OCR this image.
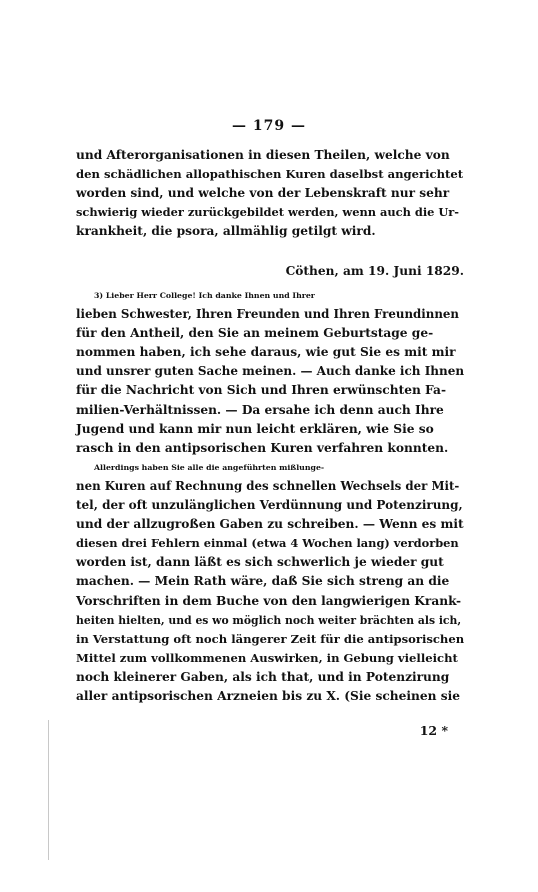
— 179 —
und Afterorganisationen in diesen Theilen, welche von
den schädlichen allopathischen Kuren daselbst angerichtet
worden sind, und welche von der Lebenskraft nur sehr
schwierig wieder zurückgebildet werden, wenn auch die Ur-
krankheit, die psora, allmählig getilgt wird.
Cöthen, am 19. Juni 1829.
3) Lieber Herr College! Ich danke Ihnen und Ihrer
lieben Schwester, Ihren Freunden und Ihren Freundinnen
für den Antheil, den Sie an meinem Geburtstage ge-
nommen haben, ich sehe daraus, wie gut Sie es mit mir
und unsrer guten Sache meinen. — Auch danke ich Ihnen
für die Nachricht von Sich und Ihren erwünschten Fa-
milien-Verhältnissen. — Da ersahe ich denn auch Ihre
Jugend und kann mir nun leicht erklären, wie Sie so
rasch in den antipsorischen Kuren verfahren konnten.
Allerdings haben Sie alle die angeführten mißlunge-
nen Kuren auf Rechnung des schnellen Wechsels der Mit-
tel, der oft unzulänglichen Verdünnung und Potenzirung,
und der allzugroßen Gaben zu schreiben. — Wenn es mit
diesen drei Fehlern einmal (etwa 4 Wochen lang) verdorben
worden ist, dann läßt es sich schwerlich je wieder gut
machen. — Mein Rath wäre, daß Sie sich streng an die
Vorschriften in dem Buche von den langwierigen Krank-
heiten hielten, und es wo möglich noch weiter brächten als ich,
in Verstattung oft noch längerer Zeit für die antipsorischen
Mittel zum vollkommenen Auswirken, in Gebung vielleicht
noch kleinerer Gaben, als ich that, und in Potenzirung
aller antipsorischen Arzneien bis zu X. (Sie scheinen sie
12 *
